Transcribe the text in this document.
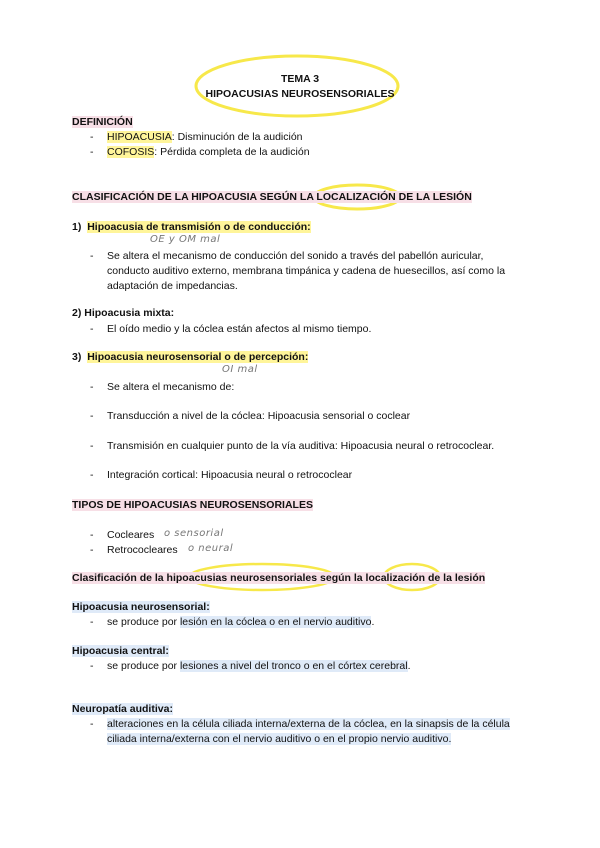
TEMA 3
HIPOACUSIAS NEUROSENSORIALES
DEFINICIÓN
- HIPOACUSIA: Disminución de la audición
- COFOSIS: Pérdida completa de la audición
CLASIFICACIÓN DE LA HIPOACUSIA SEGÚN LA LOCALIZACIÓN DE LA LESIÓN
1) Hipoacusia de transmisión o de conducción:
OE y OM mal
- Se altera el mecanismo de conducción del sonido a través del pabellón auricular, conducto auditivo externo, membrana timpánica y cadena de huesecillos, así como la adaptación de impedancias.
2) Hipoacusia mixta:
- El oído medio y la cóclea están afectos al mismo tiempo.
3) Hipoacusia neurosensorial o de percepción:
OI mal
- Se altera el mecanismo de:
- Transducción a nivel de la cóclea: Hipoacusia sensorial o coclear
- Transmisión en cualquier punto de la vía auditiva: Hipoacusia neural o retrococlear.
- Integración cortical: Hipoacusia neural o retrococlear
TIPOS DE HIPOACUSIAS NEUROSENSORIALES
- Cocleares o sensorial
- Retrococleares o neural
Clasificación de la hipoacusias neurosensoriales según la localización de la lesión
Hipoacusia neurosensorial:
- se produce por lesión en la cóclea o en el nervio auditivo.
Hipoacusia central:
- se produce por lesiones a nivel del tronco o en el córtex cerebral.
Neuropatía auditiva:
- alteraciones en la célula ciliada interna/externa de la cóclea, en la sinapsis de la célula ciliada interna/externa con el nervio auditivo o en el propio nervio auditivo.
